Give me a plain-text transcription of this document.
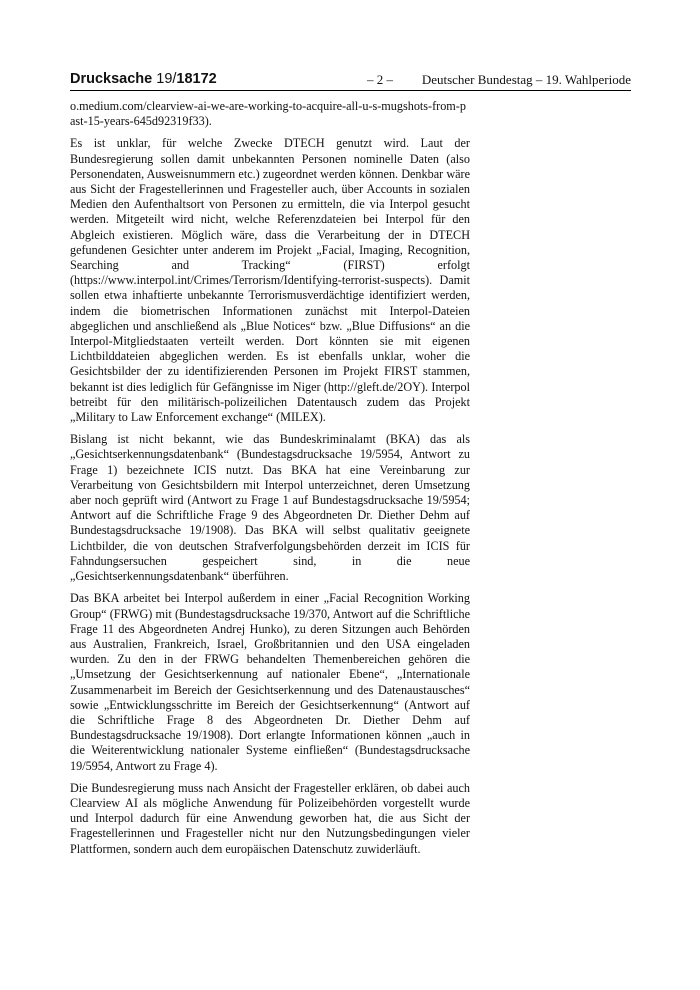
Drucksache 19/18172	– 2 –	Deutscher Bundestag – 19. Wahlperiode

o.medium.com/clearview-ai-we-are-working-to-acquire-all-u-s-mugshots-from-past-15-years-645d92319f33).

Es ist unklar, für welche Zwecke DTECH genutzt wird. Laut der Bundesregierung sollen damit unbekannten Personen nominelle Daten (also Personendaten, Ausweisnummern etc.) zugeordnet werden können. Denkbar wäre aus Sicht der Fragestellerinnen und Fragesteller auch, über Accounts in sozialen Medien den Aufenthaltsort von Personen zu ermitteln, die via Interpol gesucht werden. Mitgeteilt wird nicht, welche Referenzdateien bei Interpol für den Abgleich existieren. Möglich wäre, dass die Verarbeitung der in DTECH gefundenen Gesichter unter anderem im Projekt „Facial, Imaging, Recognition, Searching and Tracking“ (FIRST) erfolgt (https://www.interpol.int/Crimes/Terrorism/Identifying-terrorist-suspects). Damit sollen etwa inhaftierte unbekannte Terrorismusverdächtige identifiziert werden, indem die biometrischen Informationen zunächst mit Interpol-Dateien abgeglichen und anschließend als „Blue Notices“ bzw. „Blue Diffusions“ an die Interpol-Mitgliedstaaten verteilt werden. Dort könnten sie mit eigenen Lichtbilddateien abgeglichen werden. Es ist ebenfalls unklar, woher die Gesichtsbilder der zu identifizierenden Personen im Projekt FIRST stammen, bekannt ist dies lediglich für Gefängnisse im Niger (http://gleft.de/2OY). Interpol betreibt für den militärisch-polizeilichen Datentausch zudem das Projekt „Military to Law Enforcement exchange“ (MILEX).

Bislang ist nicht bekannt, wie das Bundeskriminalamt (BKA) das als „Gesichtserkennungsdatenbank“ (Bundestagsdrucksache 19/5954, Antwort zu Frage 1) bezeichnete ICIS nutzt. Das BKA hat eine Vereinbarung zur Verarbeitung von Gesichtsbildern mit Interpol unterzeichnet, deren Umsetzung aber noch geprüft wird (Antwort zu Frage 1 auf Bundestagsdrucksache 19/5954; Antwort auf die Schriftliche Frage 9 des Abgeordneten Dr. Diether Dehm auf Bundestagsdrucksache 19/1908). Das BKA will selbst qualitativ geeignete Lichtbilder, die von deutschen Strafverfolgungsbehörden derzeit im ICIS für Fahndungsersuchen gespeichert sind, in die neue „Gesichtserkennungsdatenbank“ überführen.

Das BKA arbeitet bei Interpol außerdem in einer „Facial Recognition Working Group“ (FRWG) mit (Bundestagsdrucksache 19/370, Antwort auf die Schriftliche Frage 11 des Abgeordneten Andrej Hunko), zu deren Sitzungen auch Behörden aus Australien, Frankreich, Israel, Großbritannien und den USA eingeladen wurden. Zu den in der FRWG behandelten Themenbereichen gehören die „Umsetzung der Gesichtserkennung auf nationaler Ebene“, „Internationale Zusammenarbeit im Bereich der Gesichtserkennung und des Datenaustausches“ sowie „Entwicklungsschritte im Bereich der Gesichtserkennung“ (Antwort auf die Schriftliche Frage 8 des Abgeordneten Dr. Diether Dehm auf Bundestagsdrucksache 19/1908). Dort erlangte Informationen können „auch in die Weiterentwicklung nationaler Systeme einfließen“ (Bundestagsdrucksache 19/5954, Antwort zu Frage 4).

Die Bundesregierung muss nach Ansicht der Fragesteller erklären, ob dabei auch Clearview AI als mögliche Anwendung für Polizeibehörden vorgestellt wurde und Interpol dadurch für eine Anwendung geworben hat, die aus Sicht der Fragestellerinnen und Fragesteller nicht nur den Nutzungsbedingungen vieler Plattformen, sondern auch dem europäischen Datenschutz zuwiderläuft.
